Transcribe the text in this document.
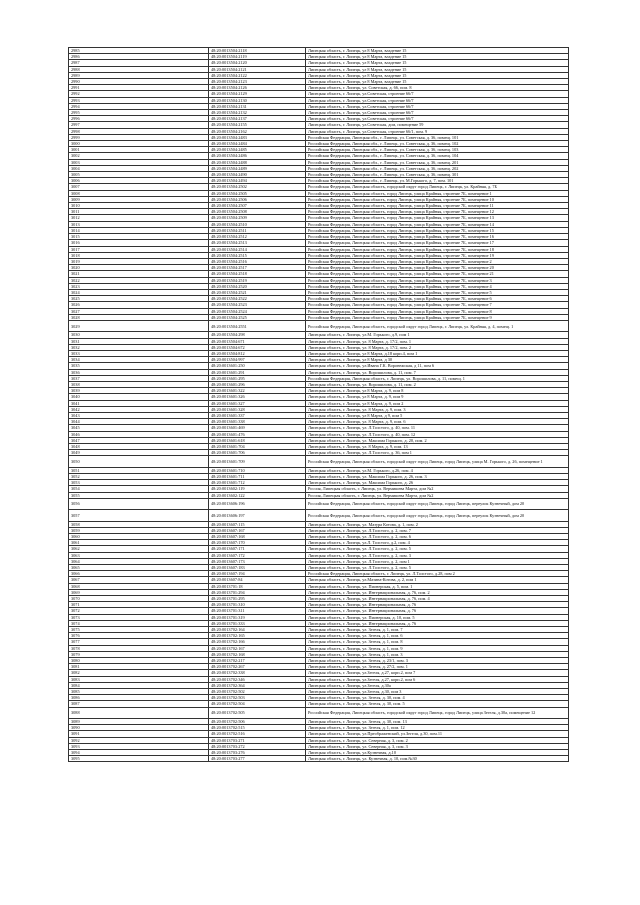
2985	48:20:0013504:2118	Липецкая область, г. Липецк, ул 8 Марта, владение 15
2986	48:20:0013504:2119	Липецкая область, г. Липецк, ул 8 Марта, владение 15
2987	48:20:0013504:2120	Липецкая область, г. Липецк, ул 8 Марта, владение 15
2988	48:20:0013504:2121	Липецкая область, г. Липецк, ул 8 Марта, владение 15
2989	48:20:0013504:2122	Липецкая область, г. Липецк, ул 8 Марта, владение 15
2990	48:20:0013504:2123	Липецкая область, г. Липецк, ул 8 Марта, владение 15
2991	48:20:0013504:2126	Липецкая область, г. Липецк, ул. Советская, д. 66, пом. 8
2992	48:20:0013504:2129	Липецкая область, г. Липецк, ул.Советская, строение 66/7
2993	48:20:0013504:2130	Липецкая область, г. Липецк, ул.Советская, строение 66/7
2994	48:20:0013504:2131	Липецкая область, г. Липецк, ул.Советская, строение 66/7
2995	48:20:0013504:2132	Липецкая область, г. Липецк, ул.Советская, строение 66/7
2996	48:20:0013504:2137	Липецкая область, г. Липецк, ул.Советская, строение 66/7
2997	48:20:0013504:2155	Липецкая область, г. Липецк, ул.Советская, дом, помещение 59
2998	48:20:0013504:2162	Липецкая область, г. Липецк, ул.Советская, строение 66/1, пом. 9
2999	48:20:0013504:2483	Российская Федерация, Липецкая обл., г. Липецк, ул. Советская, д. 36, помещ. 101
3000	48:20:0013504:2484	Российская Федерация, Липецкая обл., г. Липецк, ул. Советская, д. 36, помещ. 102
3001	48:20:0013504:2485	Российская Федерация, Липецкая обл., г. Липецк, ул. Советская, д. 36, помещ. 103
3002	48:20:0013504:2486	Российская Федерация, Липецкая обл., г. Липецк, ул. Советская, д. 36, помещ. 104
3003	48:20:0013504:2488	Российская Федерация, Липецкая обл., г. Липецк, ул. Советская, д. 36, помещ. 201
3004	48:20:0013504:2489	Российская Федерация, Липецкая обл., г. Липецк, ул. Советская, д. 36, помещ. 202
3005	48:20:0013504:2490	Российская Федерация, Липецкая обл., г. Липецк, ул. Советская, д. 36, помещ. 301
3006	48:20:0013504:2494	Российская Федерация, Липецкая обл., г. Липецк, ул. М.Горького, д. 7, пом. 101
3007	48:20:0013504:2502	Российская Федерация, Липецкая область, городской округ город Липецк, г. Липецк, ул. Крайняя, д. 7Б
3008	48:20:0013504:2505	Российская Федерация, Липецкая область, город Липецк, улица Крайняя, строение 7Б, помещение 1
3009	48:20:0013504:2506	Российская Федерация, Липецкая область, город Липецк, улица Крайняя, строение 7Б, помещение 10
3010	48:20:0013504:2507	Российская Федерация, Липецкая область, город Липецк, улица Крайняя, строение 7Б, помещение 11
3011	48:20:0013504:2508	Российская Федерация, Липецкая область, город Липецк, улица Крайняя, строение 7Б, помещение 12
3012	48:20:0013504:2509	Российская Федерация, Липецкая область, город Липецк, улица Крайняя, строение 7Б, помещение 13
3013	48:20:0013504:2510	Российская Федерация, Липецкая область, город Липецк, улица Крайняя, строение 7Б, помещение 14
3014	48:20:0013504:2511	Российская Федерация, Липецкая область, город Липецк, улица Крайняя, строение 7Б, помещение 15
3015	48:20:0013504:2512	Российская Федерация, Липецкая область, город Липецк, улица Крайняя, строение 7Б, помещение 16
3016	48:20:0013504:2513	Российская Федерация, Липецкая область, город Липецк, улица Крайняя, строение 7Б, помещение 17
3017	48:20:0013504:2514	Российская Федерация, Липецкая область, город Липецк, улица Крайняя, строение 7Б, помещение 18
3018	48:20:0013504:2515	Российская Федерация, Липецкая область, город Липецк, улица Крайняя, строение 7Б, помещение 19
3019	48:20:0013504:2516	Российская Федерация, Липецкая область, город Липецк, улица Крайняя, строение 7Б, помещение 2
3020	48:20:0013504:2517	Российская Федерация, Липецкая область, город Липецк, улица Крайняя, строение 7Б, помещение 20
3021	48:20:0013504:2518	Российская Федерация, Липецкая область, город Липецк, улица Крайняя, строение 7Б, помещение 21
3022	48:20:0013504:2519	Российская Федерация, Липецкая область, город Липецк, улица Крайняя, строение 7Б, помещение 3
3023	48:20:0013504:2520	Российская Федерация, Липецкая область, город Липецк, улица Крайняя, строение 7Б, помещение 4
3024	48:20:0013504:2521	Российская Федерация, Липецкая область, город Липецк, улица Крайняя, строение 7Б, помещение 5
3025	48:20:0013504:2522	Российская Федерация, Липецкая область, город Липецк, улица Крайняя, строение 7Б, помещение 6
3026	48:20:0013504:2523	Российская Федерация, Липецкая область, город Липецк, улица Крайняя, строение 7Б, помещение 7
3027	48:20:0013504:2524	Российская Федерация, Липецкая область, город Липецк, улица Крайняя, строение 7Б, помещение 8
3028	48:20:0013504:2525	Российская Федерация, Липецкая область, город Липецк, улица Крайняя, строение 7Б, помещение 9
3029	48:20:0013504:2551	Российская Федерация, Липецкая область, городской округ город Липецк, г. Липецк, ул. Крайняя, д. 4, помещ. 1
3030	48:20:0013504:298	Липецкая область, г. Липецк, ул.М. Горького, д.9, пом 1
3031	48:20:0013504:671	Липецкая область, г. Липецк, ул. 8 Марта, д. 17/2, пом. 1
3032	48:20:0013504:672	Липецкая область, г. Липецк, ул. 8 Марта, д. 17/2, пом. 2
3033	48:20:0013504:812	Липецкая область, г. Липецк, ул 8 Марта, д.18 корп.4, пом 1
3034	48:20:0013504:997	Липецкая область, г. Липецк, ул 8 Марта, д 30
3035	48:20:0013601:250	Липецкая область, г. Липецк, ул.Ивана Г.К. Воронежская, д 11, пом 6
3036	48:20:0013601:291	Липецкая область, г. Липецк, ул. Ворошилова, д. 11, пом. 7
3037	48:20:0013601:295	Российская Федерация, Липецкая область, г. Липецк, ул. Ворошилова, д. 11, помещ. 1
3038	48:20:0013601:296	Липецкая область, г. Липецк, ул. Ворошилова, д. 11, пом. 2
3039	48:20:0013601:322	Липецкая область, г. Липецк, ул 8 Марта, д. 9, пом 8
3040	48:20:0013601:326	Липецкая область, г. Липецк, ул 8 Марта, д. 9, пом 9
3041	48:20:0013601:327	Липецкая область, г. Липецк, ул 8 Марта, д. 9, пом 2
3042	48:20:0013601:328	Липецкая область, г. Липецк, ул. 8 Марта, д. 9, пом. 3
3043	48:20:0013601:337	Липецкая область, г. Липецк, ул 8 Марта, д 9, пом 5
3044	48:20:0013601:338	Липецкая область, г. Липецк, ул. 8 Марта, д. 9, пом. 6
3045	48:20:0013601:469	Липецкая область, г. Липецк, ул. Л.Толстого, д. 40, пом. 11
3046	48:20:0013601:476	Липецкая область, г. Липецк, ул. Л.Толстого, д. 40, пом. 12
3047	48:20:0013601:618	Липецкая область, г. Липецк, ул. Максима Горького, д. 20, пом. 2
3048	48:20:0013601:704	Липецкая область, г. Липецк, ул. 8 Марта, д. 9, пом. 13
3049	48:20:0013601:706	Липецкая область, г. Липецк, ул. Л.Толстого, д. 36, пом 1
3050	48:20:0013601:709	Российская Федерация, Липецкая область, городской округ город Липецк, город Липецк, улица М. Горького, д. 26, помещение 1
3051	48:20:0013601:710	Липецкая область, г. Липецк, ул.М. Горького, д.26, пом. 4
3052	48:20:0013601:711	Липецкая область, г. Липецк, ул. Максима Горького, д. 26, пом. 3
3053	48:20:0013601:712	Липецкая область, г. Липецк, ул. Максима Горького, д. 26
3054	48:20:0013602:119	Россия, Липецкая область, г. Липецк, ул. Вермишева Марта, дом №2
3055	48:20:0013602:122	Россия, Липецкая область, г. Липецк, ул. Вермишева Марта, дом №2
3056	48:20:0013606:196	Российская Федерация, Липецкая область, городской округ город Липецк, город Липецк, переулок Кузнечный, дом 20
3057	48:20:0013606:197	Российская Федерация, Липецкая область, городской округ город Липецк, город Липецк, переулок Кузнечный, дом 20
3058	48:20:0013607:115	Липецкая область, г. Липецк, ул. Мазура Котова, д. 1, пом. 2
3059	48:20:0013607:167	Липецкая область, г. Липецк, ул. Л.Толстого, д. 2, пом. 7
3060	48:20:0013607:168	Липецкая область, г. Липецк, ул. Л.Толстого, д. 2, пом. 6
3061	48:20:0013607:170	Липецкая область, г. Липецк, ул.Л. Толстого, д.2, пом. 4
3062	48:20:0013607:171	Липецкая область, г. Липецк, ул. Л.Толстого, д. 2, пом. 5
3063	48:20:0013607:172	Липецкая область, г. Липецк, ул. Л.Толстого, д. 2, пом. 3
3064	48:20:0013607:173	Липецкая область, г. Липецк, ул. Л.Толстого, д. 2, пом 1
3065	48:20:0013607:183	Липецкая область, г. Липецк, ул. Л.Толстого, д. 2, пом. 5
3066	48:20:0013607:194	Российская Федерация, Липецкая область, г. Липецк, ул. Л.Толстого, д.28, пом 2
3067	48:20:0013607:84	Липецкая область, г. Липецк, ул.Мазина-Котова, д. 2, пом 1
3068	48:20:0013701:18	Липецкая область, г. Липецк, ул. Пионерская, д. 5, пом. 1
3069	48:20:0013701:294	Липецкая область, г. Липецк, ул. Интернациональная, д. 76, пом. 2
3070	48:20:0013701:295	Липецкая область, г. Липецк, ул. Интернациональная, д. 76, пом. 4
3071	48:20:0013701:310	Липецкая область, г. Липецк, ул. Интернациональная, д. 76
3072	48:20:0013701:311	Липецкая область, г. Липецк, ул. Интернациональная, д. 76
3073	48:20:0013701:319	Липецкая область, г. Липецк, ул. Пионерская, д. 10, пом. 5
3074	48:20:0013701:333	Липецкая область, г. Липецк, ул. Интернациональная, д. 76
3075	48:20:0013702:164	Липецкая область, г. Липецк, ул. Зегеля, д. 1, пом. 7
3076	48:20:0013702:165	Липецкая область, г. Липецк, ул. Зегеля, д. 1, пом. 6
3077	48:20:0013702:166	Липецкая область, г. Липецк, ул. Зегеля, д. 1, пом. 8
3078	48:20:0013702:167	Липецкая область, г. Липецк, ул. Зегеля, д. 1, пом. 9
3079	48:20:0013702:168	Липецкая область, г. Липецк, ул. Зегеля, д. 1, пом. 3
3080	48:20:0013702:217	Липецкая область, г. Липецк, ул. Зегеля, д. 23/1, пом. 3
3081	48:20:0013702:267	Липецкая область, г. Липецк, ул. Зегеля, д. 27/2, пом. 1
3082	48:20:0013702:338	Липецкая область, г. Липецк, ул.Зегеля, д.27, корп.2, пом 7
3083	48:20:0013702:346	Липецкая область, г. Липецк, ул.Зегеля, д.27, корп.2, пом 6
3084	48:20:0013702:364	Липецкая область, г. Липецк, ул.Зегеля, д.30а
3085	48:20:0013702:502	Липецкая область, г. Липецк, ул.Зегеля, д.30, пом 3
3086	48:20:0013702:503	Липецкая область, г. Липецк, ул. Зегеля, д. 30, пом. 4
3087	48:20:0013702:504	Липецкая область, г. Липецк, ул. Зегеля, д. 30, пом. 5
3088	48:20:0013702:505	Российская Федерация, Липецкая область, городской округ город Липецк, город Липецк, улица Зегеля, д.30а, помещение 12
3089	48:20:0013702:506	Липецкая область, г. Липецк, ул. Зегеля, д. 30, пом. 13
3090	48:20:0013702:515	Липецкая область, г. Липецк, ул. Зегеля, д. 1, пом. 12
3091	48:20:0013702:516	Липецкая область, г. Липецк, ул.Преображенский, ул.Зегеля, д.30, пом.11
3092	48:20:0013703:271	Липецкая область, г. Липецк, ул. Северная, д. 3, пом. 2
3093	48:20:0013703:272	Липецкая область, г. Липецк, ул. Северная, д. 3, пом. 3
3094	48:20:0013703:276	Липецкая область, г. Липецк, ул.Кузнечная, д.10
3095	48:20:0013703:277	Липецкая область, г. Липецк, ул. Кузнечная, д. 10, пом.№30
